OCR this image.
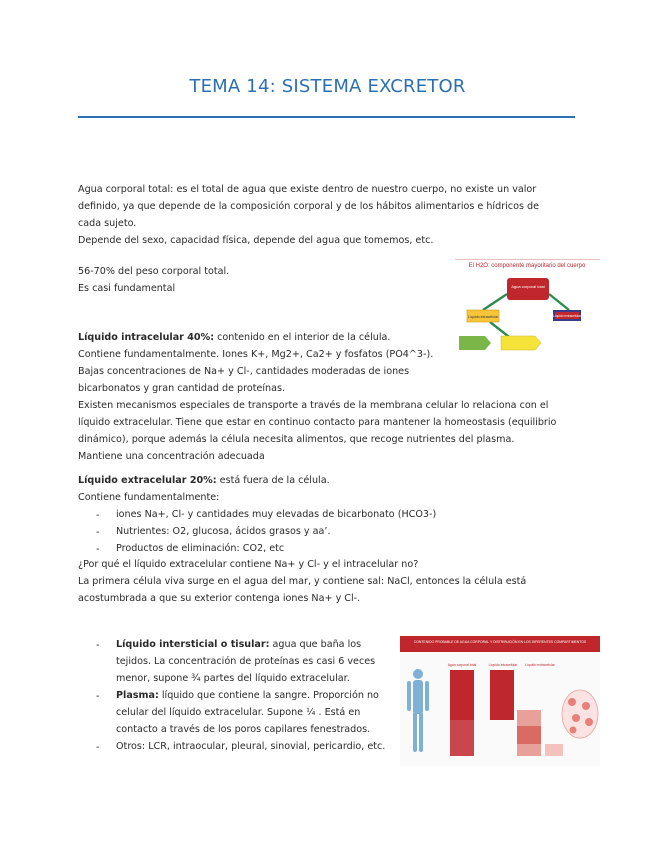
TEMA 14: SISTEMA EXCRETOR
Agua corporal total: es el total de agua que existe dentro de nuestro cuerpo, no existe un valor
definido, ya que depende de la composición corporal y de los hábitos alimentarios e hídricos de
cada sujeto.
Depende del sexo, capacidad física, depende del agua que tomemos, etc.
56-70% del peso corporal total.
Es casi fundamental
El H2O: componente mayoritario del cuerpo
Agua corporal total
Líquido intracelular	Líquido extracelular
Líquido intracelular 40%: contenido en el interior de la célula.
Contiene fundamentalmente. Iones K+, Mg2+, Ca2+ y fosfatos (PO4^3-).
Bajas concentraciones de Na+ y Cl-, cantidades moderadas de iones
bicarbonatos y gran cantidad de proteínas.
Existen mecanismos especiales de transporte a través de la membrana celular lo relaciona con el
líquido extracelular. Tiene que estar en continuo contacto para mantener la homeostasis (equilibrio
dinámico), porque además la célula necesita alimentos, que recoge nutrientes del plasma.
Mantiene una concentración adecuada
Líquido extracelular 20%: está fuera de la célula.
Contiene fundamentalmente:
- iones Na+, Cl- y cantidades muy elevadas de bicarbonato (HCO3-)
- Nutrientes: O2, glucosa, ácidos grasos y aa’.
- Productos de eliminación: CO2, etc
¿Por qué el líquido extracelular contiene Na+ y Cl- y el intracelular no?
La primera célula viva surge en el agua del mar, y contiene sal: NaCl, entonces la célula está
acostumbrada a que su exterior contenga iones Na+ y Cl-.
- Líquido intersticial o tisular: agua que baña los
tejidos. La concentración de proteínas es casi 6 veces
menor, supone ¾ partes del líquido extracelular.
- Plasma: líquido que contiene la sangre. Proporción no
celular del líquido extracelular. Supone ¼ . Está en
contacto a través de los poros capilares fenestrados.
- Otros: LCR, intraocular, pleural, sinovial, pericardio, etc.
CONTENIDO PROBABLE DE AGUA CORPORAL Y DISTRIBUCIÓN EN LOS DIFERENTES COMPARTIMENTOS
Agua corporal total	Líquido intracelular Líquido extracelular
